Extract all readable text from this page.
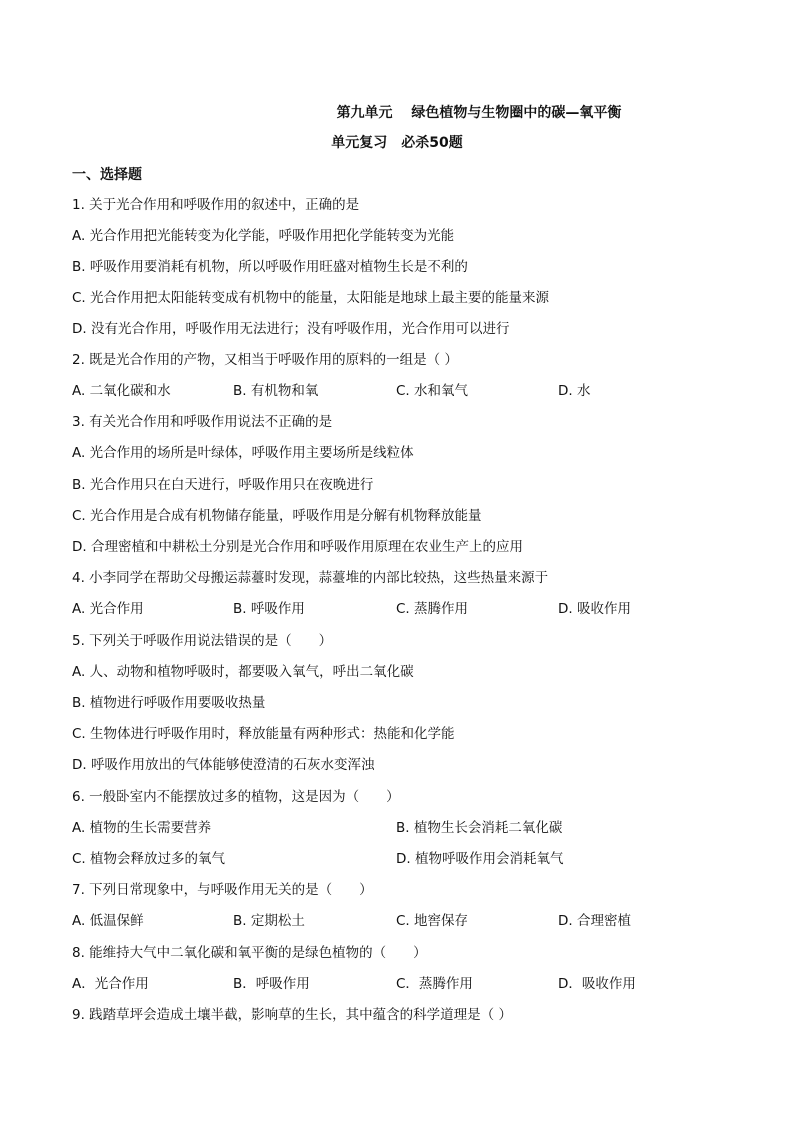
第九单元　 绿色植物与生物圈中的碳—氧平衡
单元复习　必杀50题
一、选择题
1. 关于光合作用和呼吸作用的叙述中，正确的是
A. 光合作用把光能转变为化学能，呼吸作用把化学能转变为光能
B. 呼吸作用要消耗有机物，所以呼吸作用旺盛对植物生长是不利的
C. 光合作用把太阳能转变成有机物中的能量，太阳能是地球上最主要的能量来源
D. 没有光合作用，呼吸作用无法进行；没有呼吸作用，光合作用可以进行
2. 既是光合作用的产物，又相当于呼吸作用的原料的一组是（ ）
A. 二氧化碳和水	B. 有机物和氧	C. 水和氧气	D. 水
3. 有关光合作用和呼吸作用说法不正确的是
A. 光合作用的场所是叶绿体，呼吸作用主要场所是线粒体
B. 光合作用只在白天进行，呼吸作用只在夜晚进行
C. 光合作用是合成有机物储存能量，呼吸作用是分解有机物释放能量
D. 合理密植和中耕松土分别是光合作用和呼吸作用原理在农业生产上的应用
4. 小李同学在帮助父母搬运蒜薹时发现，蒜薹堆的内部比较热，这些热量来源于
A. 光合作用	B. 呼吸作用	C. 蒸腾作用	D. 吸收作用
5. 下列关于呼吸作用说法错误的是（　　）
A. 人、动物和植物呼吸时，都要吸入氧气，呼出二氧化碳
B. 植物进行呼吸作用要吸收热量
C. 生物体进行呼吸作用时，释放能量有两种形式：热能和化学能
D. 呼吸作用放出的气体能够使澄清的石灰水变浑浊
6. 一般卧室内不能摆放过多的植物，这是因为（　　）
A. 植物的生长需要营养	B. 植物生长会消耗二氧化碳
C. 植物会释放过多的氧气	D. 植物呼吸作用会消耗氧气
7. 下列日常现象中，与呼吸作用无关的是（　　）
A. 低温保鲜	B. 定期松土	C. 地窖保存	D. 合理密植
8. 能维持大气中二氧化碳和氧平衡的是绿色植物的（　　）
A．光合作用	B．呼吸作用	C．蒸腾作用	D．吸收作用
9. 践踏草坪会造成土壤半截，影响草的生长，其中蕴含的科学道理是（ ）
